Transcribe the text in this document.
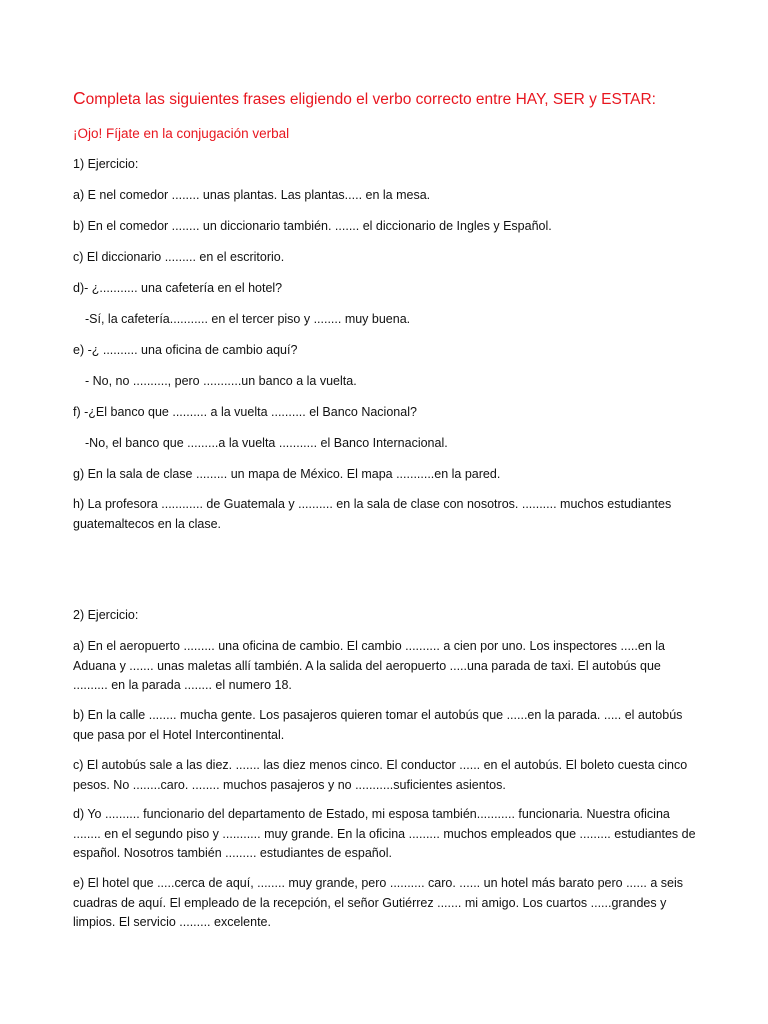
Completa las siguientes frases eligiendo el verbo correcto entre HAY, SER y ESTAR:
¡Ojo! Fíjate en la conjugación verbal
1) Ejercicio:
a) E nel comedor ........ unas plantas. Las plantas..... en la mesa.
b) En el comedor ........ un diccionario también. ....... el diccionario de Ingles y Español.
c) El diccionario ......... en el escritorio.
d)- ¿........... una cafetería en el hotel?
-Sí, la cafetería........... en el tercer piso y ........ muy buena.
e) -¿ .......... una oficina de cambio aquí?
- No, no .........., pero ...........un banco a la vuelta.
f) -¿El banco que .......... a la vuelta .......... el Banco Nacional?
-No, el banco que .........a la vuelta ........... el Banco Internacional.
g) En la sala de clase ......... un mapa de México. El mapa ...........en la pared.
h) La profesora ............ de Guatemala y .......... en la sala de clase con nosotros. .......... muchos estudiantes guatemaltecos en la clase.
2) Ejercicio:
a) En el aeropuerto ......... una oficina de cambio. El cambio .......... a cien por uno. Los inspectores .....en la Aduana y ....... unas maletas allí también. A la salida del aeropuerto .....una parada de taxi. El autobús que .......... en la parada ........ el numero 18.
b) En la calle ........ mucha gente. Los pasajeros quieren tomar el autobús que ......en la parada. ..... el autobús que pasa por el Hotel Intercontinental.
c) El autobús sale a las diez. ....... las diez menos cinco. El conductor ...... en el autobús. El boleto cuesta cinco pesos. No ........caro. ........ muchos pasajeros y no ...........suficientes asientos.
d) Yo .......... funcionario del departamento de Estado, mi esposa también........... funcionaria. Nuestra oficina ........ en el segundo piso y ........... muy grande. En la oficina ......... muchos empleados que ......... estudiantes de español. Nosotros también ......... estudiantes de español.
e) El hotel que .....cerca de aquí, ........ muy grande, pero .......... caro. ...... un hotel más barato pero ...... a seis cuadras de aquí. El empleado de la recepción, el señor Gutiérrez ....... mi amigo. Los cuartos ......grandes y limpios. El servicio ......... excelente.
